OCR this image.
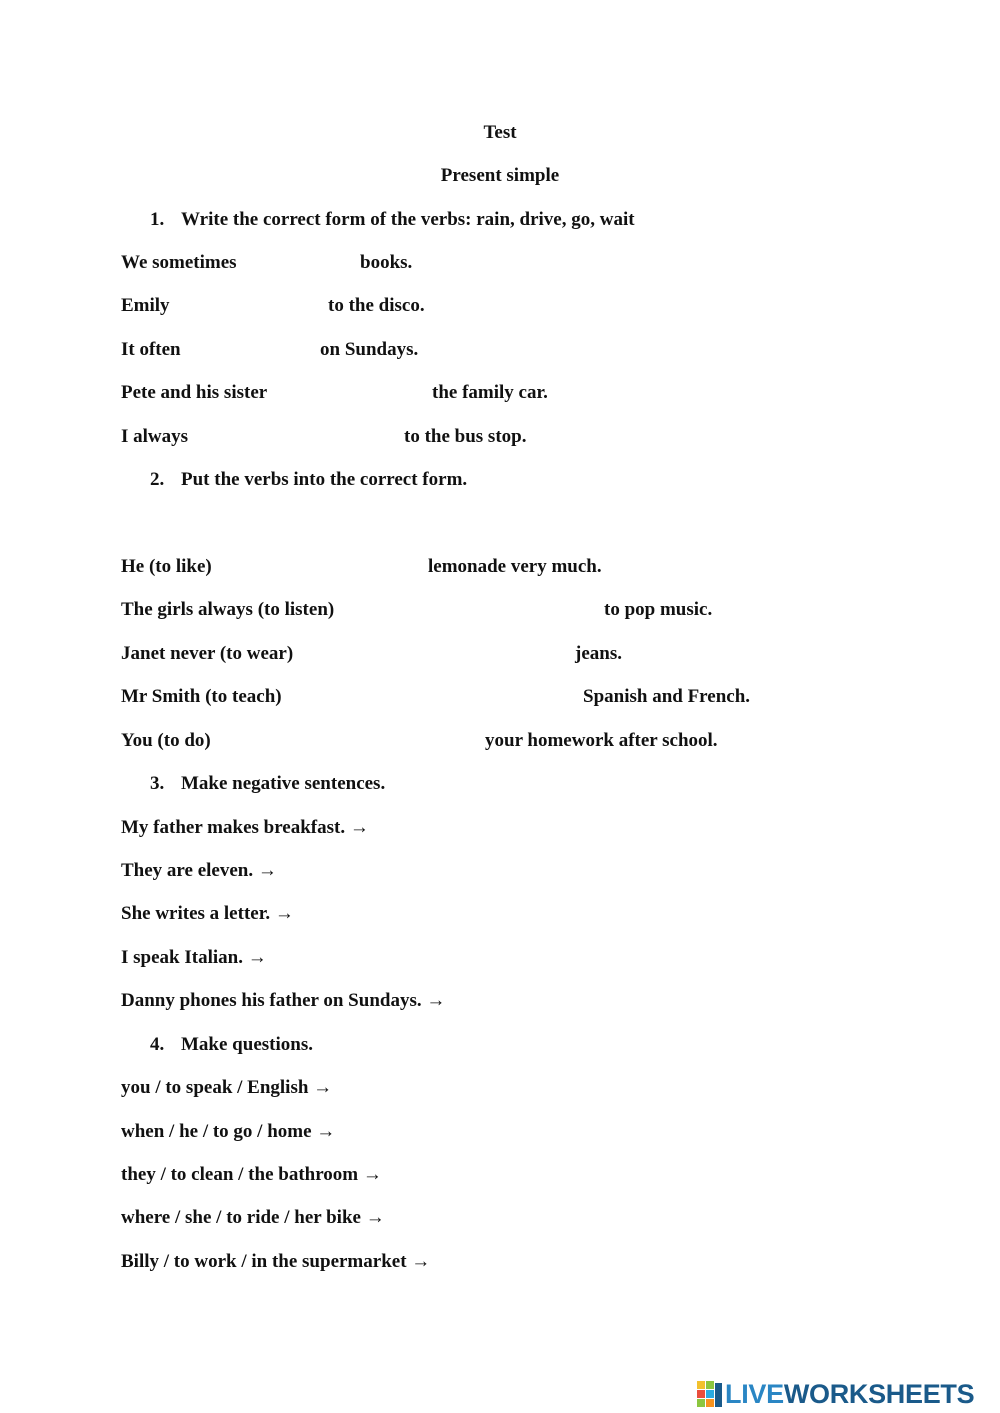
Test
Present simple
1. Write the correct form of the verbs: rain, drive, go, wait
We sometimes	books.
Emily	to the disco.
It often	on Sundays.
Pete and his sister	the family car.
I always	to the bus stop.
2. Put the verbs into the correct form.
He (to like)	lemonade very much.
The girls always (to listen)	to pop music.
Janet never (to wear)	jeans.
Mr Smith (to teach)	Spanish and French.
You (to do)	your homework after school.
3. Make negative sentences.
My father makes breakfast. →
They are eleven. →
She writes a letter. →
I speak Italian. →
Danny phones his father on Sundays. →
4. Make questions.
you / to speak / English →
when / he / to go / home →
they / to clean / the bathroom →
where / she / to ride / her bike →
Billy / to work / in the supermarket →
LIVEWORKSHEETS
